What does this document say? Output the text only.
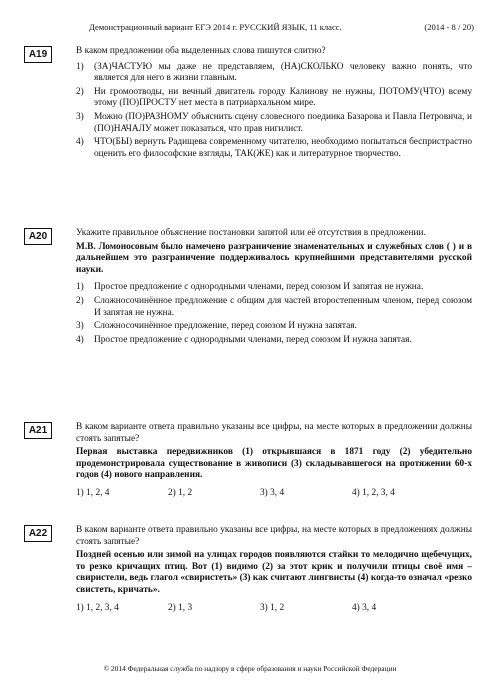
Демонстрационный вариант ЕГЭ 2014 г. РУССКИЙ ЯЗЫК, 11 класс.	(2014 - 8 / 20)
A19	В каком предложении оба выделенных слова пишутся слитно?

1) (ЗА)ЧАСТУЮ мы даже не представляем, (НА)СКОЛЬКО человеку важно понять, что является для него в жизни главным.
2) Ни громоотводы, ни вечный двигатель городу Калинову не нужны, ПОТОМУ(ЧТО) всему этому (ПО)ПРОСТУ нет места в патриархальном мире.
3) Можно (ПО)РАЗНОМУ объяснить сцену словесного поединка Базарова и Павла Петровича, и (ПО)НАЧАЛУ может показаться, что прав нигилист.
4) ЧТО(БЫ) вернуть Радищева современному читателю, необходимо попытаться беспристрастно оценить его философские взгляды, ТАК(ЖЕ) как и литературное творчество.
A20	Укажите правильное объяснение постановки запятой или её отсутствия в предложении.

М.В. Ломоносовым было намечено разграничение знаменательных и служебных слов ( ) и в дальнейшем это разграничение поддерживалось крупнейшими представителями русской науки.

1) Простое предложение с однородными членами, перед союзом И запятая не нужна.
2) Сложносочинённое предложение с общим для частей второстепенным членом, перед союзом И запятая не нужна.
3) Сложносочинённое предложение, перед союзом И нужна запятая.
4) Простое предложение с однородными членами, перед союзом И нужна запятая.
A21	В каком варианте ответа правильно указаны все цифры, на месте которых в предложении должны стоять запятые?

Первая выставка передвижников (1) открывшаяся в 1871 году (2) убедительно продемонстрировала существование в живописи (3) складывавшегося на протяжении 60-х годов (4) нового направления.

1) 1, 2, 4	2) 1, 2	3) 3, 4	4) 1, 2, 3, 4
A22	В каком варианте ответа правильно указаны все цифры, на месте которых в предложениях должны стоять запятые?

Поздней осенью или зимой на улицах городов появляются стайки то мелодично щебечущих, то резко кричащих птиц. Вот (1) видимо (2) за этот крик и получили птицы своё имя – свиристели, ведь глагол «свиристеть» (3) как считают лингвисты (4) когда-то означал «резко свистеть, кричать».

1) 1, 2, 3, 4	2) 1, 3	3) 1, 2	4) 3, 4
© 2014 Федеральная служба по надзору в сфере образования и науки Российской Федерации
